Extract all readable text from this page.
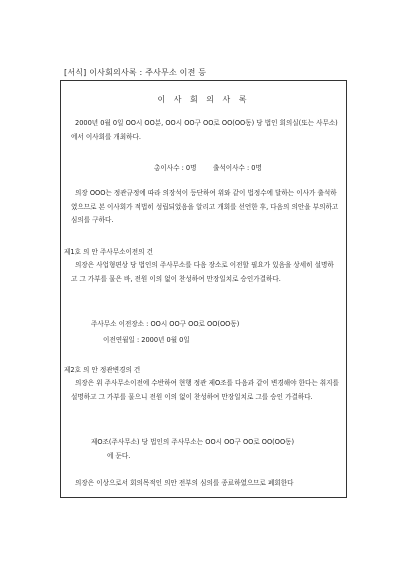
[서식] 이사회의사록 : 주사무소 이전 등
이 사 회 의 사 록

2000년 0월 0일 OO시 OO분, OO시 OO구 OO로 OO(OO동) 당 법인 회의실(또는 사무소)에서 이사회를 개최하다.

총이사수 : 0명	출석이사수 : 0명

의장 OOO는 정관규정에 따라 의장석이 등단하여 위와 같이 법정수에 달하는 이사가 출석하였으므로 본 이사회가 적법히 성립되었음을 알리고 개회를 선언한 후, 다음의 의안을 부의하고 심의를 구하다.

제1호 의 안 주사무소이전의 건

의장은 사업형편상 당 법인의 주사무소를 다음 장소로 이전할 필요가 있음을 상세히 설명하고 그 가부를 물은 바, 전원 이의 없이 찬성하여 만장일치로 승인가결하다.

주사무소 이전장소 : OO시 OO구 OO로 OO(OO동)

이전연월일 : 2000년 0월 0일

제2호 의 안 정관변경의 건

의장은 위 주사무소이전에 수반하여 현행 정관 제O조를 다음과 같이 변경해야 한다는 취지를 설명하고 그 가부를 물으니 전원 이의 없이 찬성하여 만장일치로 그를 승인 가결하다.

제O조(주사무소) 당 법인의 주사무소는 OO시 OO구 OO로 OO(OO동)

에 둔다.

의장은 이상으로서 회의목적인 의안 전부의 심의를 종료하였으므로 폐회한다
